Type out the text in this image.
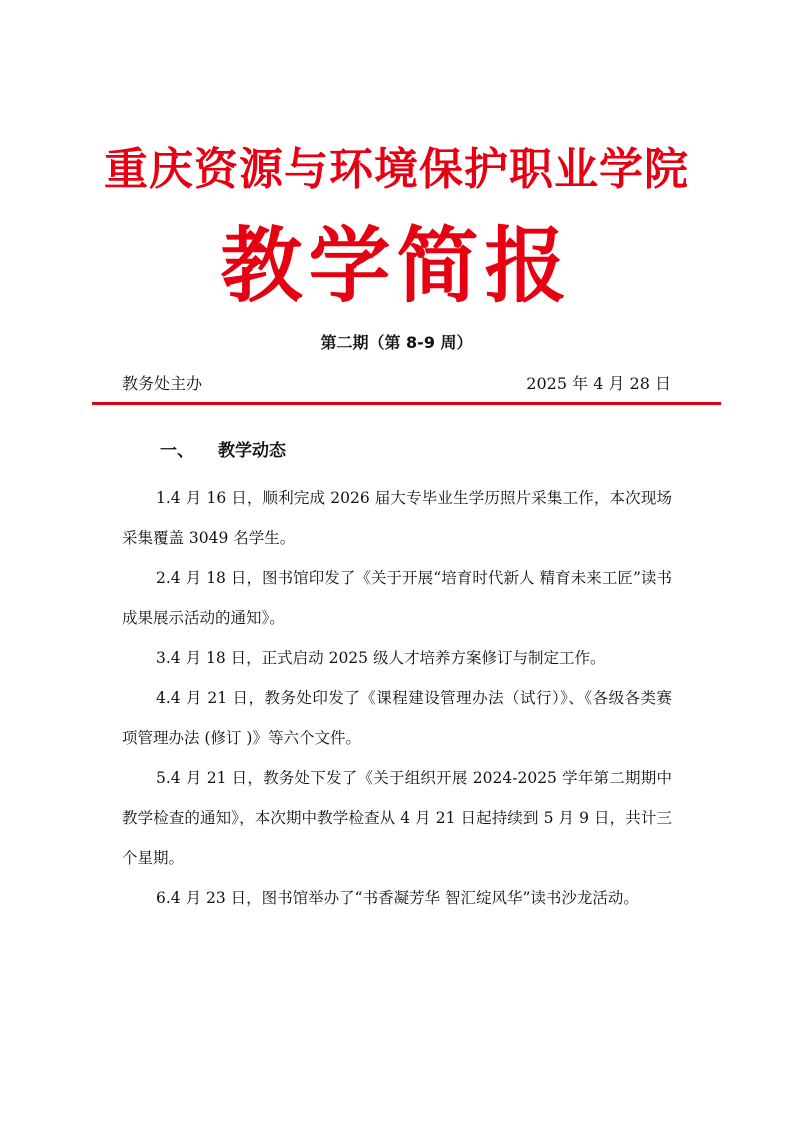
重庆资源与环境保护职业学院
教学简报
第二期（第 8-9 周）
教务处主办	2025 年 4 月 28 日
一、 教学动态

1.4 月 16 日，顺利完成 2026 届大专毕业生学历照片采集工作，本次现场采集覆盖 3049 名学生。

2.4 月 18 日，图书馆印发了《关于开展“培育时代新人 精育未来工匠”读书成果展示活动的通知》。

3.4 月 18 日，正式启动 2025 级人才培养方案修订与制定工作。

4.4 月 21 日，教务处印发了《课程建设管理办法（试行）》、《各级各类赛项管理办法 (修订 )》等六个文件。

5.4 月 21 日，教务处下发了《关于组织开展 2024-2025 学年第二期期中教学检查的通知》，本次期中教学检查从 4 月 21 日起持续到 5 月 9 日，共计三个星期。

6.4 月 23 日，图书馆举办了“书香凝芳华 智汇绽风华”读书沙龙活动。
